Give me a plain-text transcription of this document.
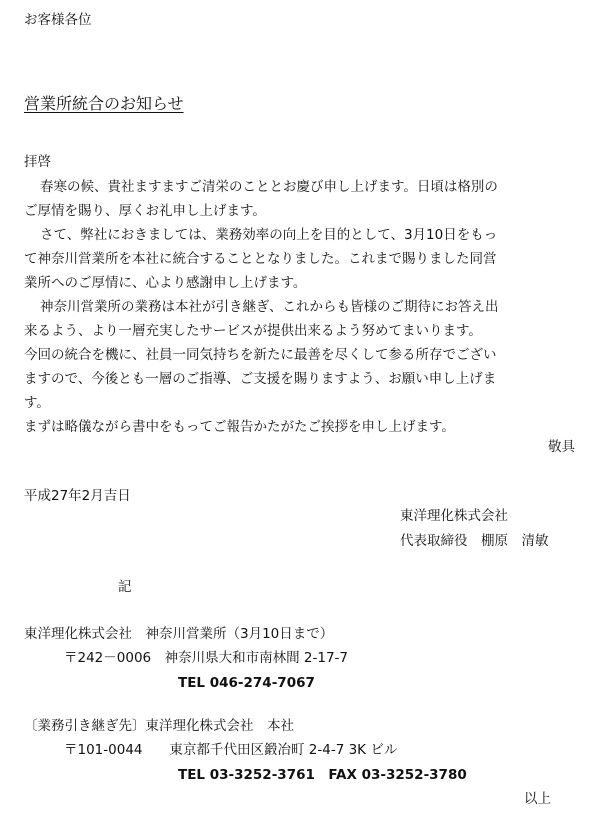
お客様各位
営業所統合のお知らせ
拝啓
春寒の候、貴社ますますご清栄のこととお慶び申し上げます。日頃は格別の
ご厚情を賜り、厚くお礼申し上げます。
さて、弊社におきましては、業務効率の向上を目的として、3月10日をもっ
て神奈川営業所を本社に統合することとなりました。これまで賜りました同営
業所へのご厚情に、心より感謝申し上げます。
神奈川営業所の業務は本社が引き継ぎ、これからも皆様のご期待にお答え出
来るよう、より一層充実したサービスが提供出来るよう努めてまいります。
今回の統合を機に、社員一同気持ちを新たに最善を尽くして参る所存でござい
ますので、今後とも一層のご指導、ご支援を賜りますよう、お願い申し上げま
す。
まずは略儀ながら書中をもってご報告かたがたご挨拶を申し上げます。
敬具
平成27年2月吉日
東洋理化株式会社
代表取締役　棚原　清敏
記
東洋理化株式会社　神奈川営業所（3月10日まで）
〒242－0006　神奈川県大和市南林間 2-17-7
TEL 046-274-7067
〔業務引き継ぎ先〕東洋理化株式会社　本社
〒101-0044　　東京都千代田区鍛冶町 2-4-7 3K ビル
TEL 03-3252-3761　FAX 03-3252-3780
以上
